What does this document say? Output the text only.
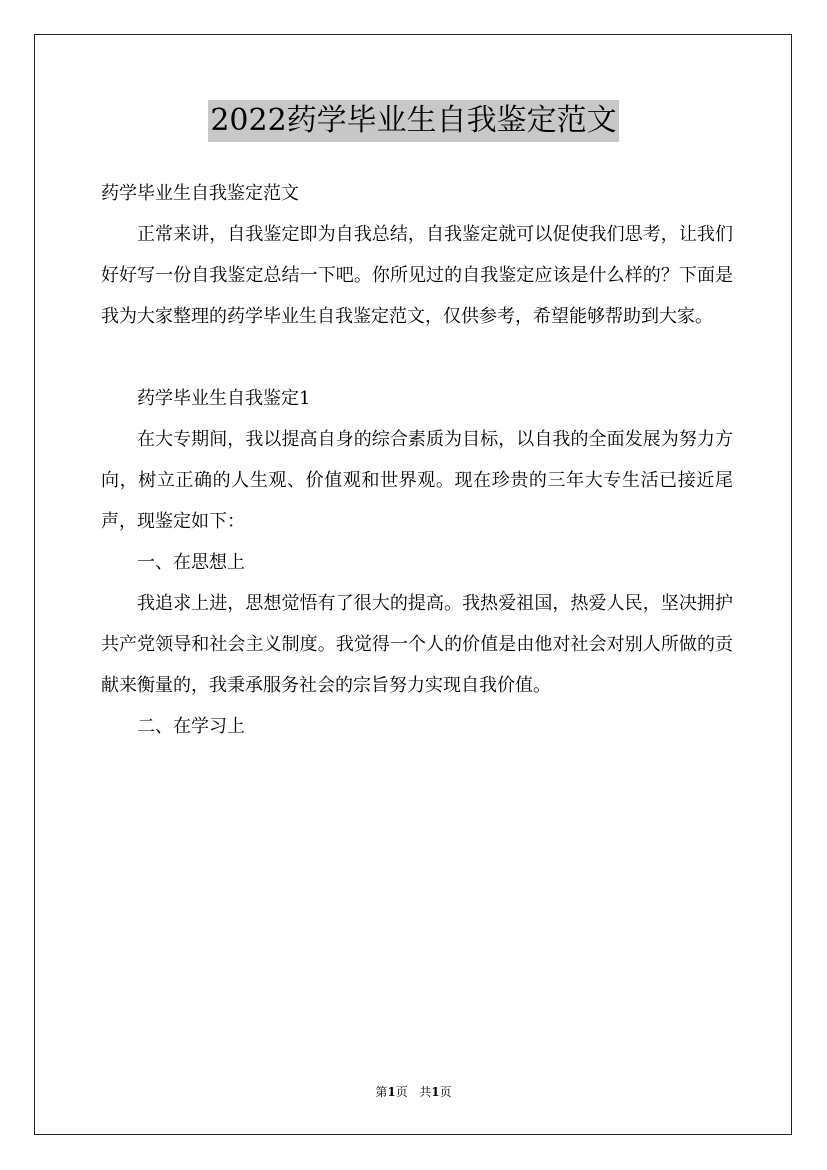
2022药学毕业生自我鉴定范文

药学毕业生自我鉴定范文

正常来讲，自我鉴定即为自我总结，自我鉴定就可以促使我们思考，让我们好好写一份自我鉴定总结一下吧。你所见过的自我鉴定应该是什么样的？下面是我为大家整理的药学毕业生自我鉴定范文，仅供参考，希望能够帮助到大家。

药学毕业生自我鉴定1

在大专期间，我以提高自身的综合素质为目标，以自我的全面发展为努力方向，树立正确的人生观、价值观和世界观。现在珍贵的三年大专生活已接近尾声，现鉴定如下：

一、在思想上

我追求上进，思想觉悟有了很大的提高。我热爱祖国，热爱人民，坚决拥护共产党领导和社会主义制度。我觉得一个人的价值是由他对社会对别人所做的贡献来衡量的，我秉承服务社会的宗旨努力实现自我价值。

二、在学习上

第1页 共1页
